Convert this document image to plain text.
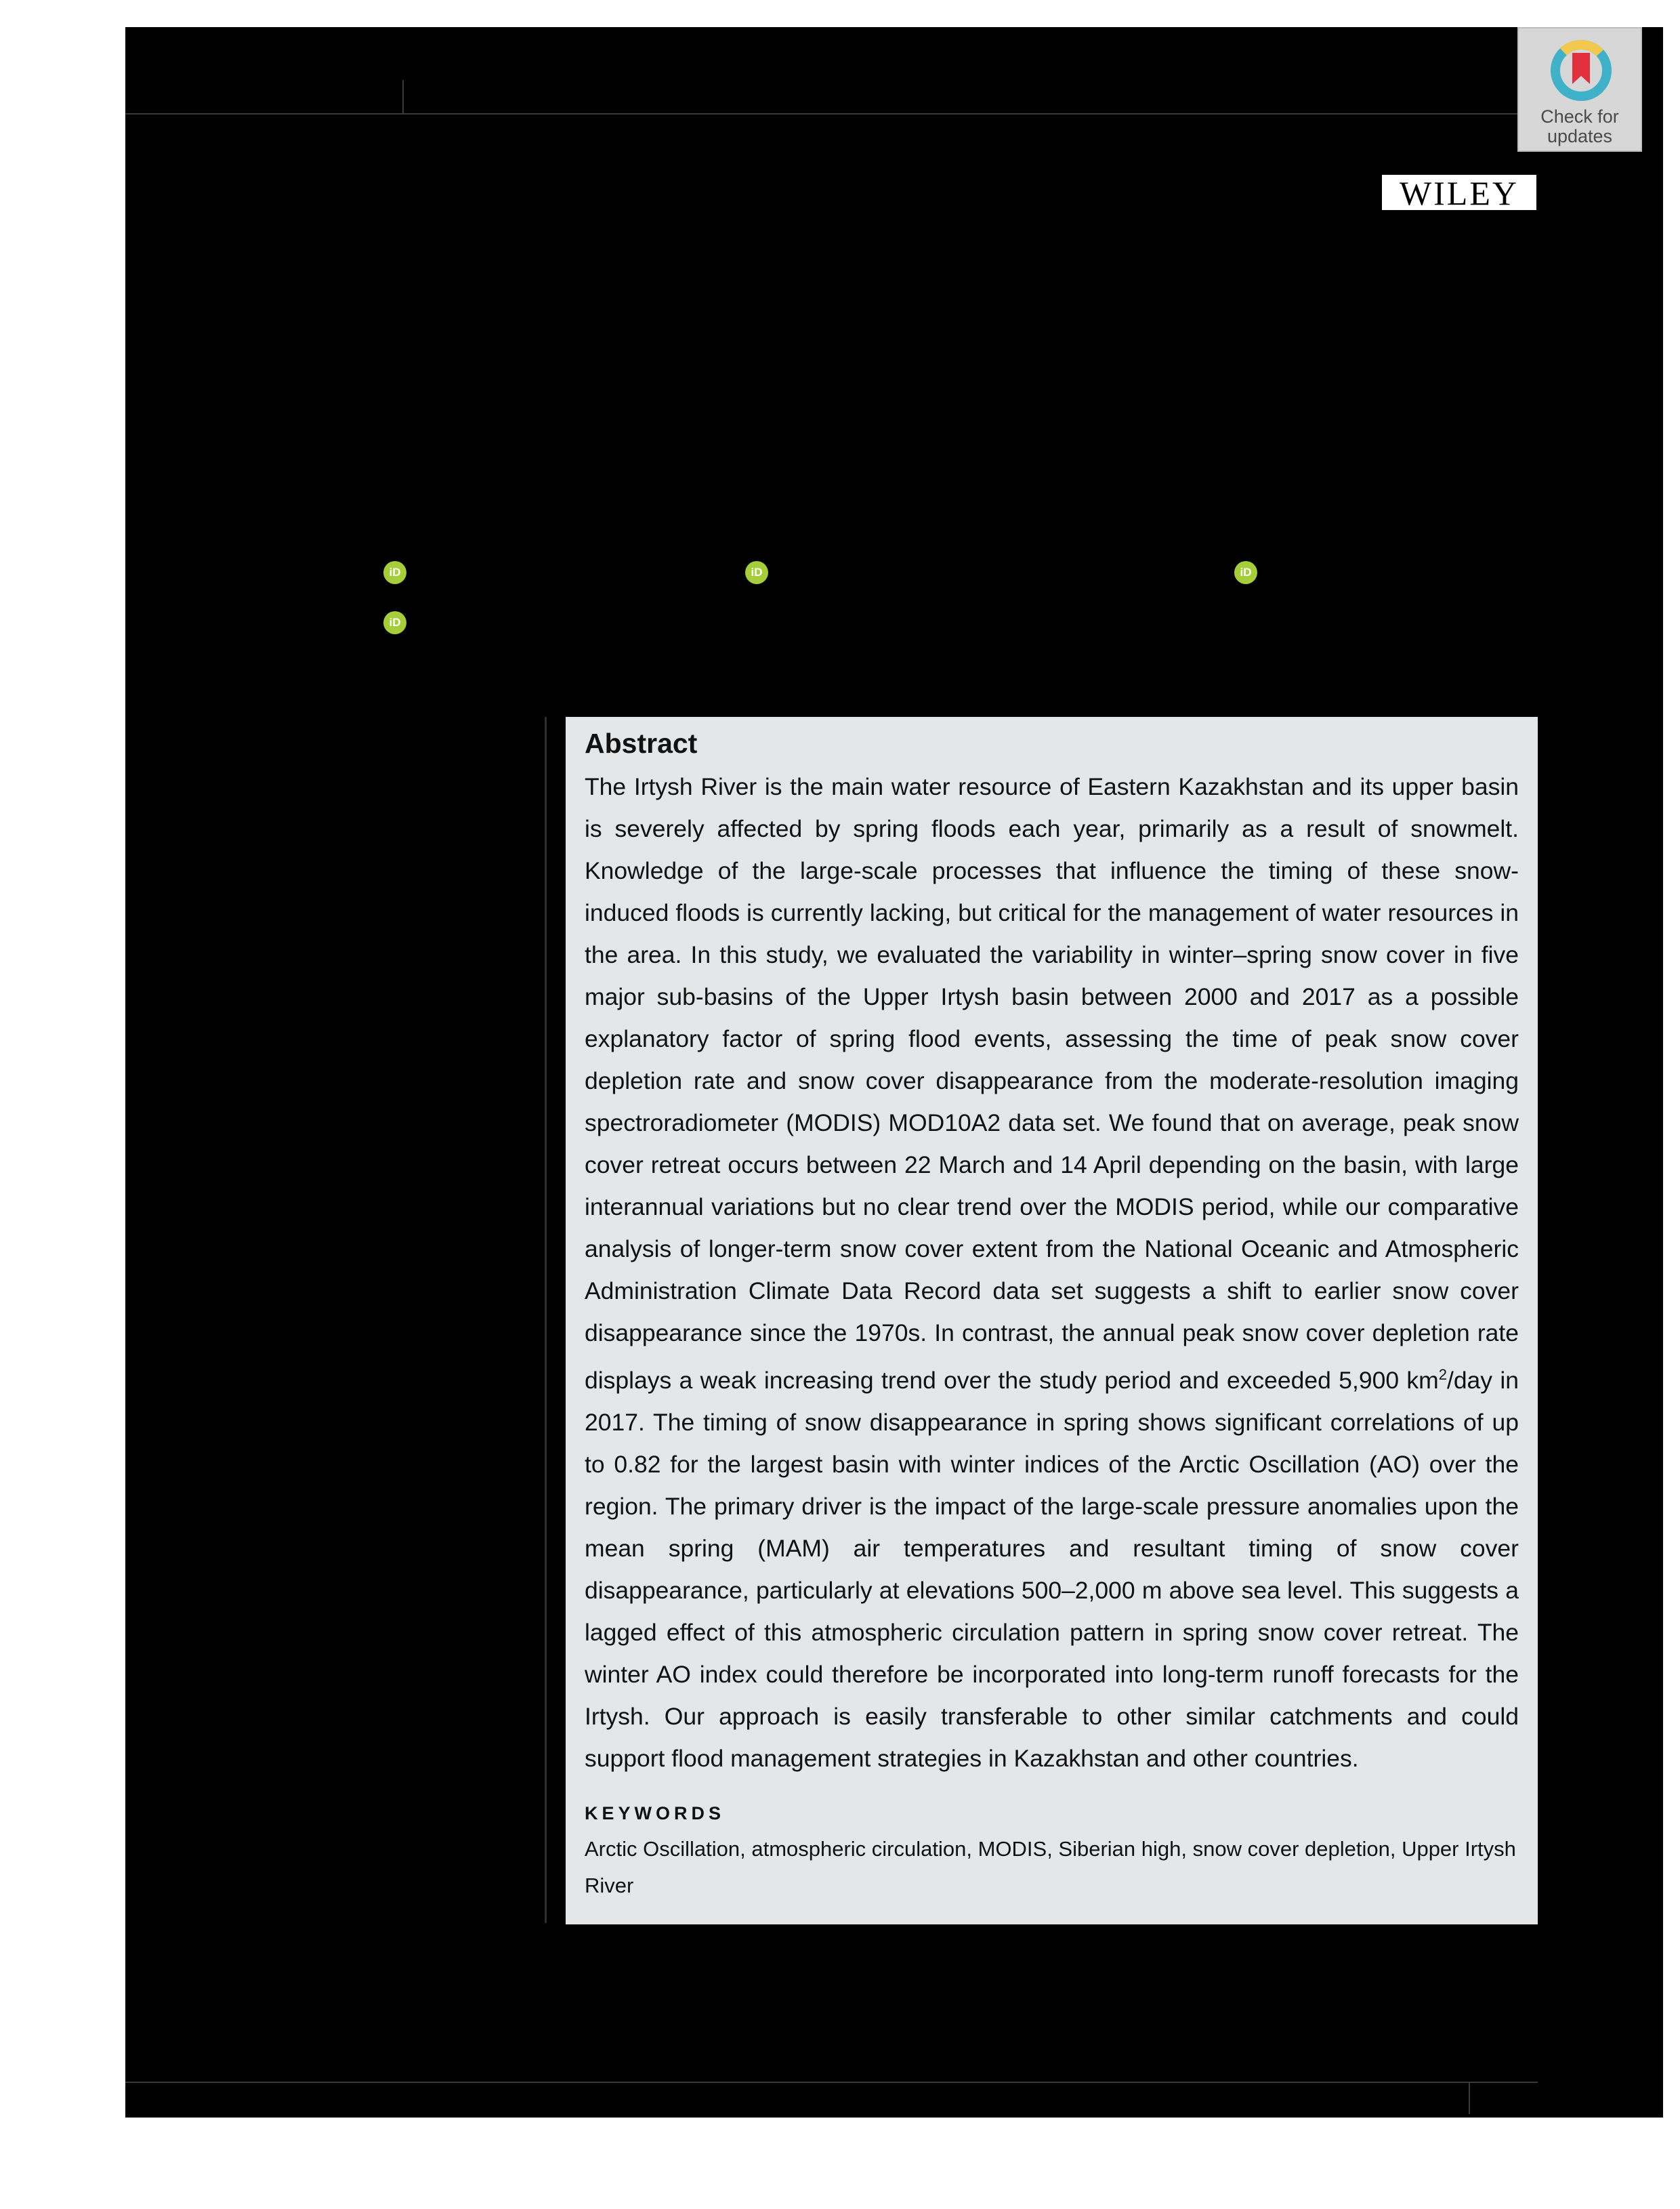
Check for
updates
WILEY
iD	iD	iD
iD
Abstract

The Irtysh River is the main water resource of Eastern Kazakhstan and its upper basin is severely affected by spring floods each year, primarily as a result of snowmelt. Knowledge of the large-scale processes that influence the timing of these snow-induced floods is currently lacking, but critical for the management of water resources in the area. In this study, we evaluated the variability in winter–spring snow cover in five major sub-basins of the Upper Irtysh basin between 2000 and 2017 as a possible explanatory factor of spring flood events, assessing the time of peak snow cover depletion rate and snow cover disappearance from the moderate-resolution imaging spectroradiometer (MODIS) MOD10A2 data set. We found that on average, peak snow cover retreat occurs between 22 March and 14 April depending on the basin, with large interannual variations but no clear trend over the MODIS period, while our comparative analysis of longer-term snow cover extent from the National Oceanic and Atmospheric Administration Climate Data Record data set suggests a shift to earlier snow cover disappearance since the 1970s. In contrast, the annual peak snow cover depletion rate displays a weak increasing trend over the study period and exceeded 5,900 $km^2$/day in 2017. The timing of snow disappearance in spring shows significant correlations of up to 0.82 for the largest basin with winter indices of the Arctic Oscillation (AO) over the region. The primary driver is the impact of the large-scale pressure anomalies upon the mean spring (MAM) air temperatures and resultant timing of snow cover disappearance, particularly at elevations 500–2,000 m above sea level. This suggests a lagged effect of this atmospheric circulation pattern in spring snow cover retreat. The winter AO index could therefore be incorporated into long-term runoff forecasts for the Irtysh. Our approach is easily transferable to other similar catchments and could support flood management strategies in Kazakhstan and other countries.

KEYWORDS

Arctic Oscillation, atmospheric circulation, MODIS, Siberian high, snow cover depletion, Upper Irtysh River
